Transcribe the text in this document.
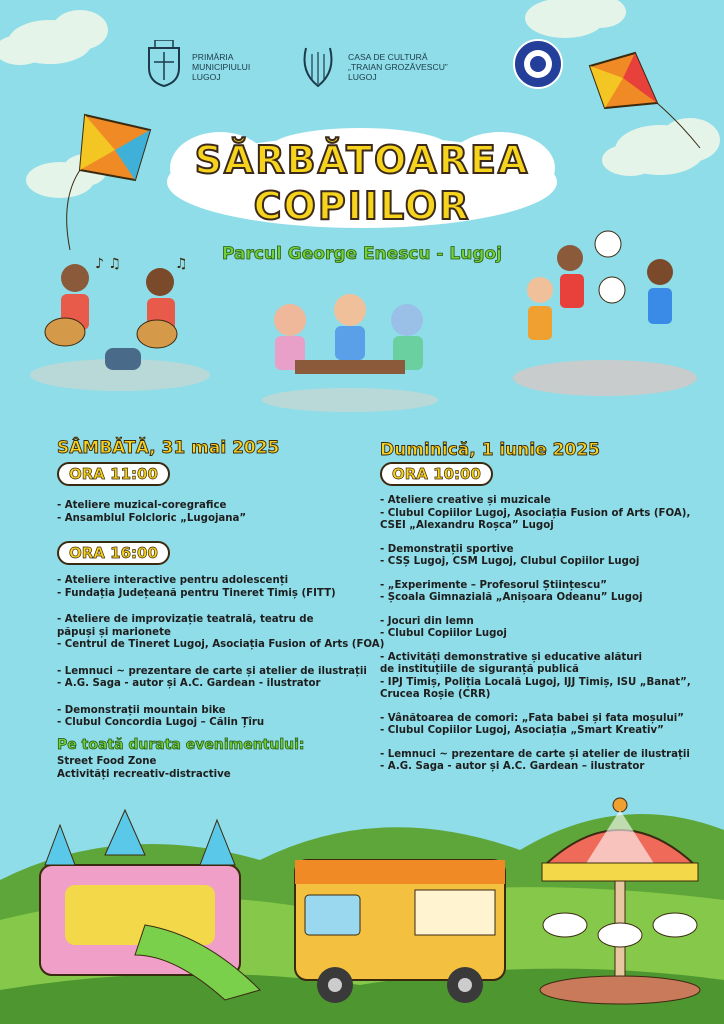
PRIMĂRIA
MUNICIPIULUI
LUGOJ
CASA DE CULTURĂ
„TRAIAN GROZĂVESCU”
LUGOJ
SĂRBĂTOAREA
COPIILOR
Parcul George Enescu - Lugoj
♪ ♫	♫
SÂMBĂTĂ, 31 mai 2025
ORA 11:00
- Ateliere muzical-coregrafice
- Ansamblul Folcloric „Lugojana”
ORA 16:00
- Ateliere interactive pentru adolescenți
- Fundația Județeană pentru Tineret Timiș (FITT)
- Ateliere de improvizație teatrală, teatru de
păpuși și marionete
- Centrul de Tineret Lugoj, Asociația Fusion of Arts (FOA)
- Lemnuci ~ prezentare de carte și atelier de ilustrații
- A.G. Saga - autor și A.C. Gardean - ilustrator
- Demonstrații mountain bike
- Clubul Concordia Lugoj – Călin Țîru
Pe toată durata evenimentului:
Street Food Zone
Activități recreativ-distractive
Duminică, 1 iunie 2025
ORA 10:00
- Ateliere creative și muzicale
- Clubul Copiilor Lugoj, Asociația Fusion of Arts (FOA),
CSEI „Alexandru Roșca” Lugoj
- Demonstrații sportive
- CSȘ Lugoj, CSM Lugoj, Clubul Copiilor Lugoj
- „Experimente – Profesorul Științescu”
- Școala Gimnazială „Anișoara Odeanu” Lugoj
- Jocuri din lemn
- Clubul Copiilor Lugoj
- Activități demonstrative și educative alături
de instituțiile de siguranță publică
- IPJ Timiș, Poliția Locală Lugoj, IJJ Timiș, ISU „Banat”,
Crucea Roșie (CRR)
- Vânătoarea de comori: „Fata babei și fata moșului”
- Clubul Copiilor Lugoj, Asociația „Smart Kreativ”
- Lemnuci ~ prezentare de carte și atelier de ilustrații
- A.G. Saga - autor și A.C. Gardean – ilustrator
